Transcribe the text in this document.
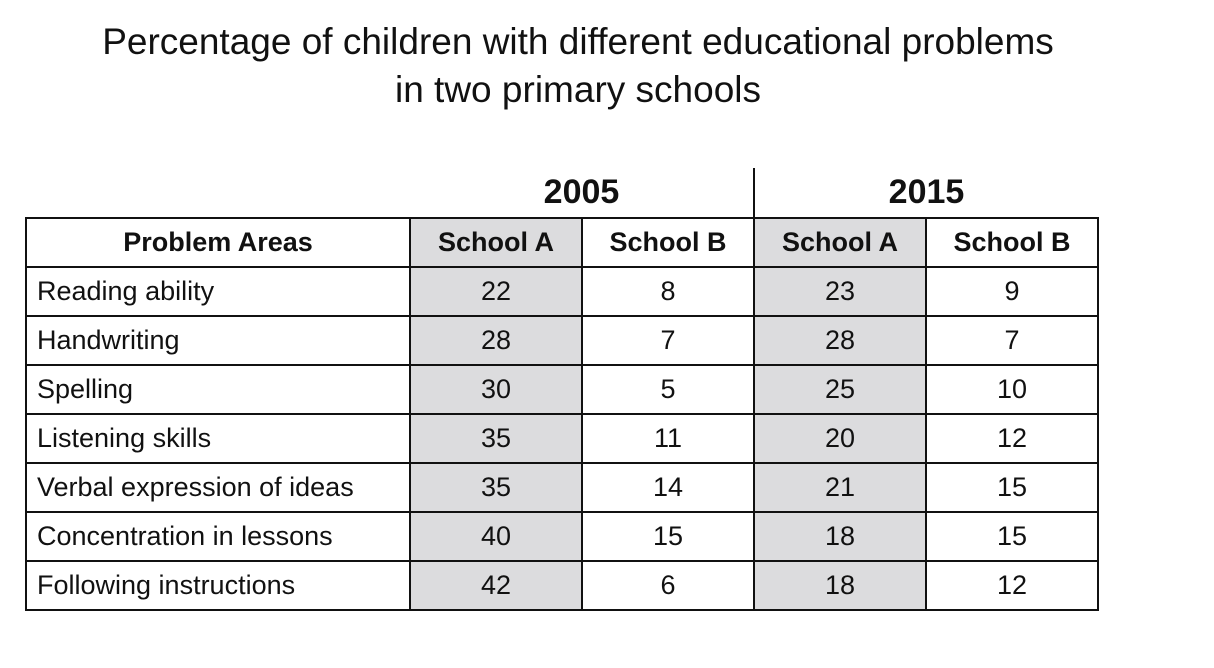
Percentage of children with different educational problems
in two primary schools
2005	2015
Problem Areas	School A	School B	School A	School B
Reading ability	22	8	23	9
Handwriting	28	7	28	7
Spelling	30	5	25	10
Listening skills	35	11	20	12
Verbal expression of ideas	35	14	21	15
Concentration in lessons	40	15	18	15
Following instructions	42	6	18	12
